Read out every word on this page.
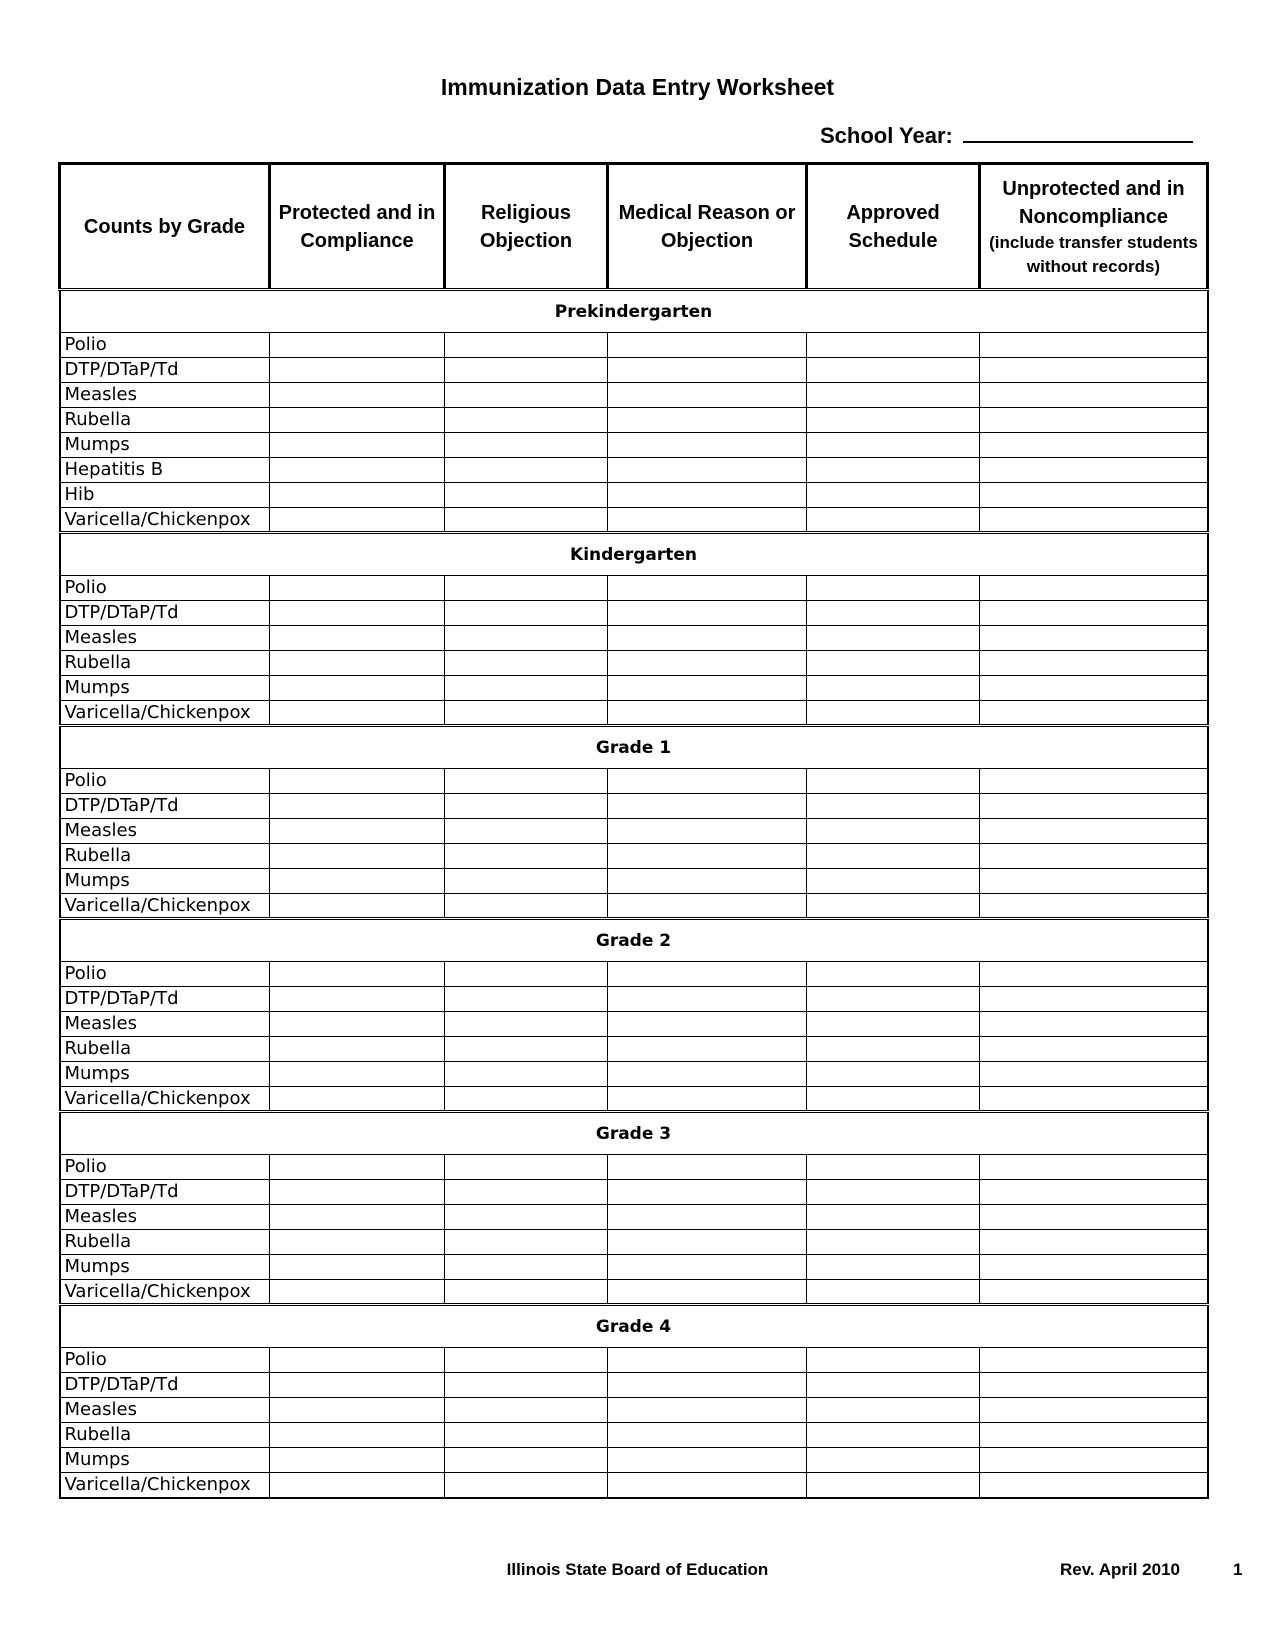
Immunization Data Entry Worksheet
School Year:
Counts by Grade	Protected and in Compliance	Religious Objection	Medical Reason or Objection	Approved Schedule	Unprotected and in Noncompliance
(include transfer students without records)

Prekindergarten					
Polio					
DTP/DTaP/Td					
Measles					
Rubella					
Mumps					
Hepatitis B					
Hib					
Varicella/Chickenpox					
Kindergarten					
Polio					
DTP/DTaP/Td					
Measles					
Rubella					
Mumps					
Varicella/Chickenpox					
Grade 1					
Polio					
DTP/DTaP/Td					
Measles					
Rubella					
Mumps					
Varicella/Chickenpox					
Grade 2					
Polio					
DTP/DTaP/Td					
Measles					
Rubella					
Mumps					
Varicella/Chickenpox					
Grade 3					
Polio					
DTP/DTaP/Td					
Measles					
Rubella					
Mumps					
Varicella/Chickenpox					
Grade 4					
Polio					
DTP/DTaP/Td					
Measles					
Rubella					
Mumps					
Varicella/Chickenpox					
Illinois State Board of Education	Rev. April 2010	1
